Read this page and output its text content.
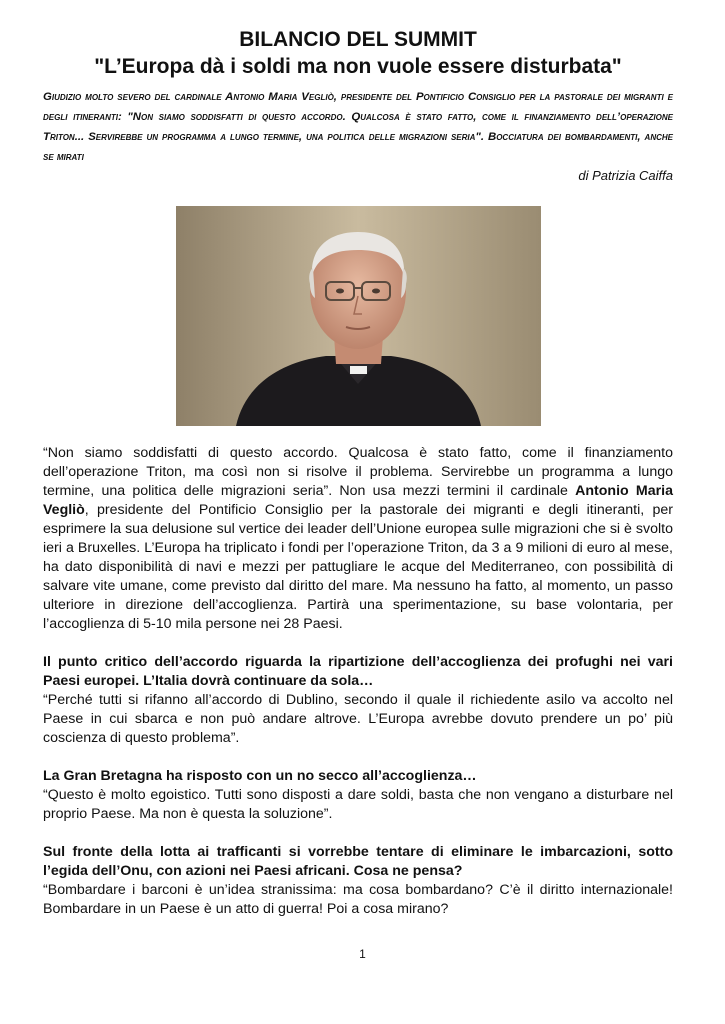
BILANCIO DEL SUMMIT
"L’Europa dà i soldi ma non vuole essere disturbata"

Giudizio molto severo del cardinale Antonio Maria Vegliò, presidente del Pontificio Consiglio per la pastorale dei migranti e degli itineranti: "Non siamo soddisfatti di questo accordo. Qualcosa è stato fatto, come il finanziamento dell’operazione Triton... Servirebbe un programma a lungo termine, una politica delle migrazioni seria". Bocciatura dei bombardamenti, anche se mirati

di Patrizia Caiffa

“Non siamo soddisfatti di questo accordo. Qualcosa è stato fatto, come il finanziamento dell’operazione Triton, ma così non si risolve il problema. Servirebbe un programma a lungo termine, una politica delle migrazioni seria”. Non usa mezzi termini il cardinale Antonio Maria Vegliò, presidente del Pontificio Consiglio per la pastorale dei migranti e degli itineranti, per esprimere la sua delusione sul vertice dei leader dell’Unione europea sulle migrazioni che si è svolto ieri a Bruxelles. L’Europa ha triplicato i fondi per l’operazione Triton, da 3 a 9 milioni di euro al mese, ha dato disponibilità di navi e mezzi per pattugliare le acque del Mediterraneo, con possibilità di salvare vite umane, come previsto dal diritto del mare. Ma nessuno ha fatto, al momento, un passo ulteriore in direzione dell’accoglienza. Partirà una sperimentazione, su base volontaria, per l’accoglienza di 5-10 mila persone nei 28 Paesi.

Il punto critico dell’accordo riguarda la ripartizione dell’accoglienza dei profughi nei vari Paesi europei. L’Italia dovrà continuare da sola…

“Perché tutti si rifanno all’accordo di Dublino, secondo il quale il richiedente asilo va accolto nel Paese in cui sbarca e non può andare altrove. L’Europa avrebbe dovuto prendere un po’ più coscienza di questo problema”.

La Gran Bretagna ha risposto con un no secco all’accoglienza…

“Questo è molto egoistico. Tutti sono disposti a dare soldi, basta che non vengano a disturbare nel proprio Paese. Ma non è questa la soluzione”.

Sul fronte della lotta ai trafficanti si vorrebbe tentare di eliminare le imbarcazioni, sotto l’egida dell’Onu, con azioni nei Paesi africani. Cosa ne pensa?

“Bombardare i barconi è un’idea stranissima: ma cosa bombardano? C’è il diritto internazionale! Bombardare in un Paese è un atto di guerra! Poi a cosa mirano?

1
